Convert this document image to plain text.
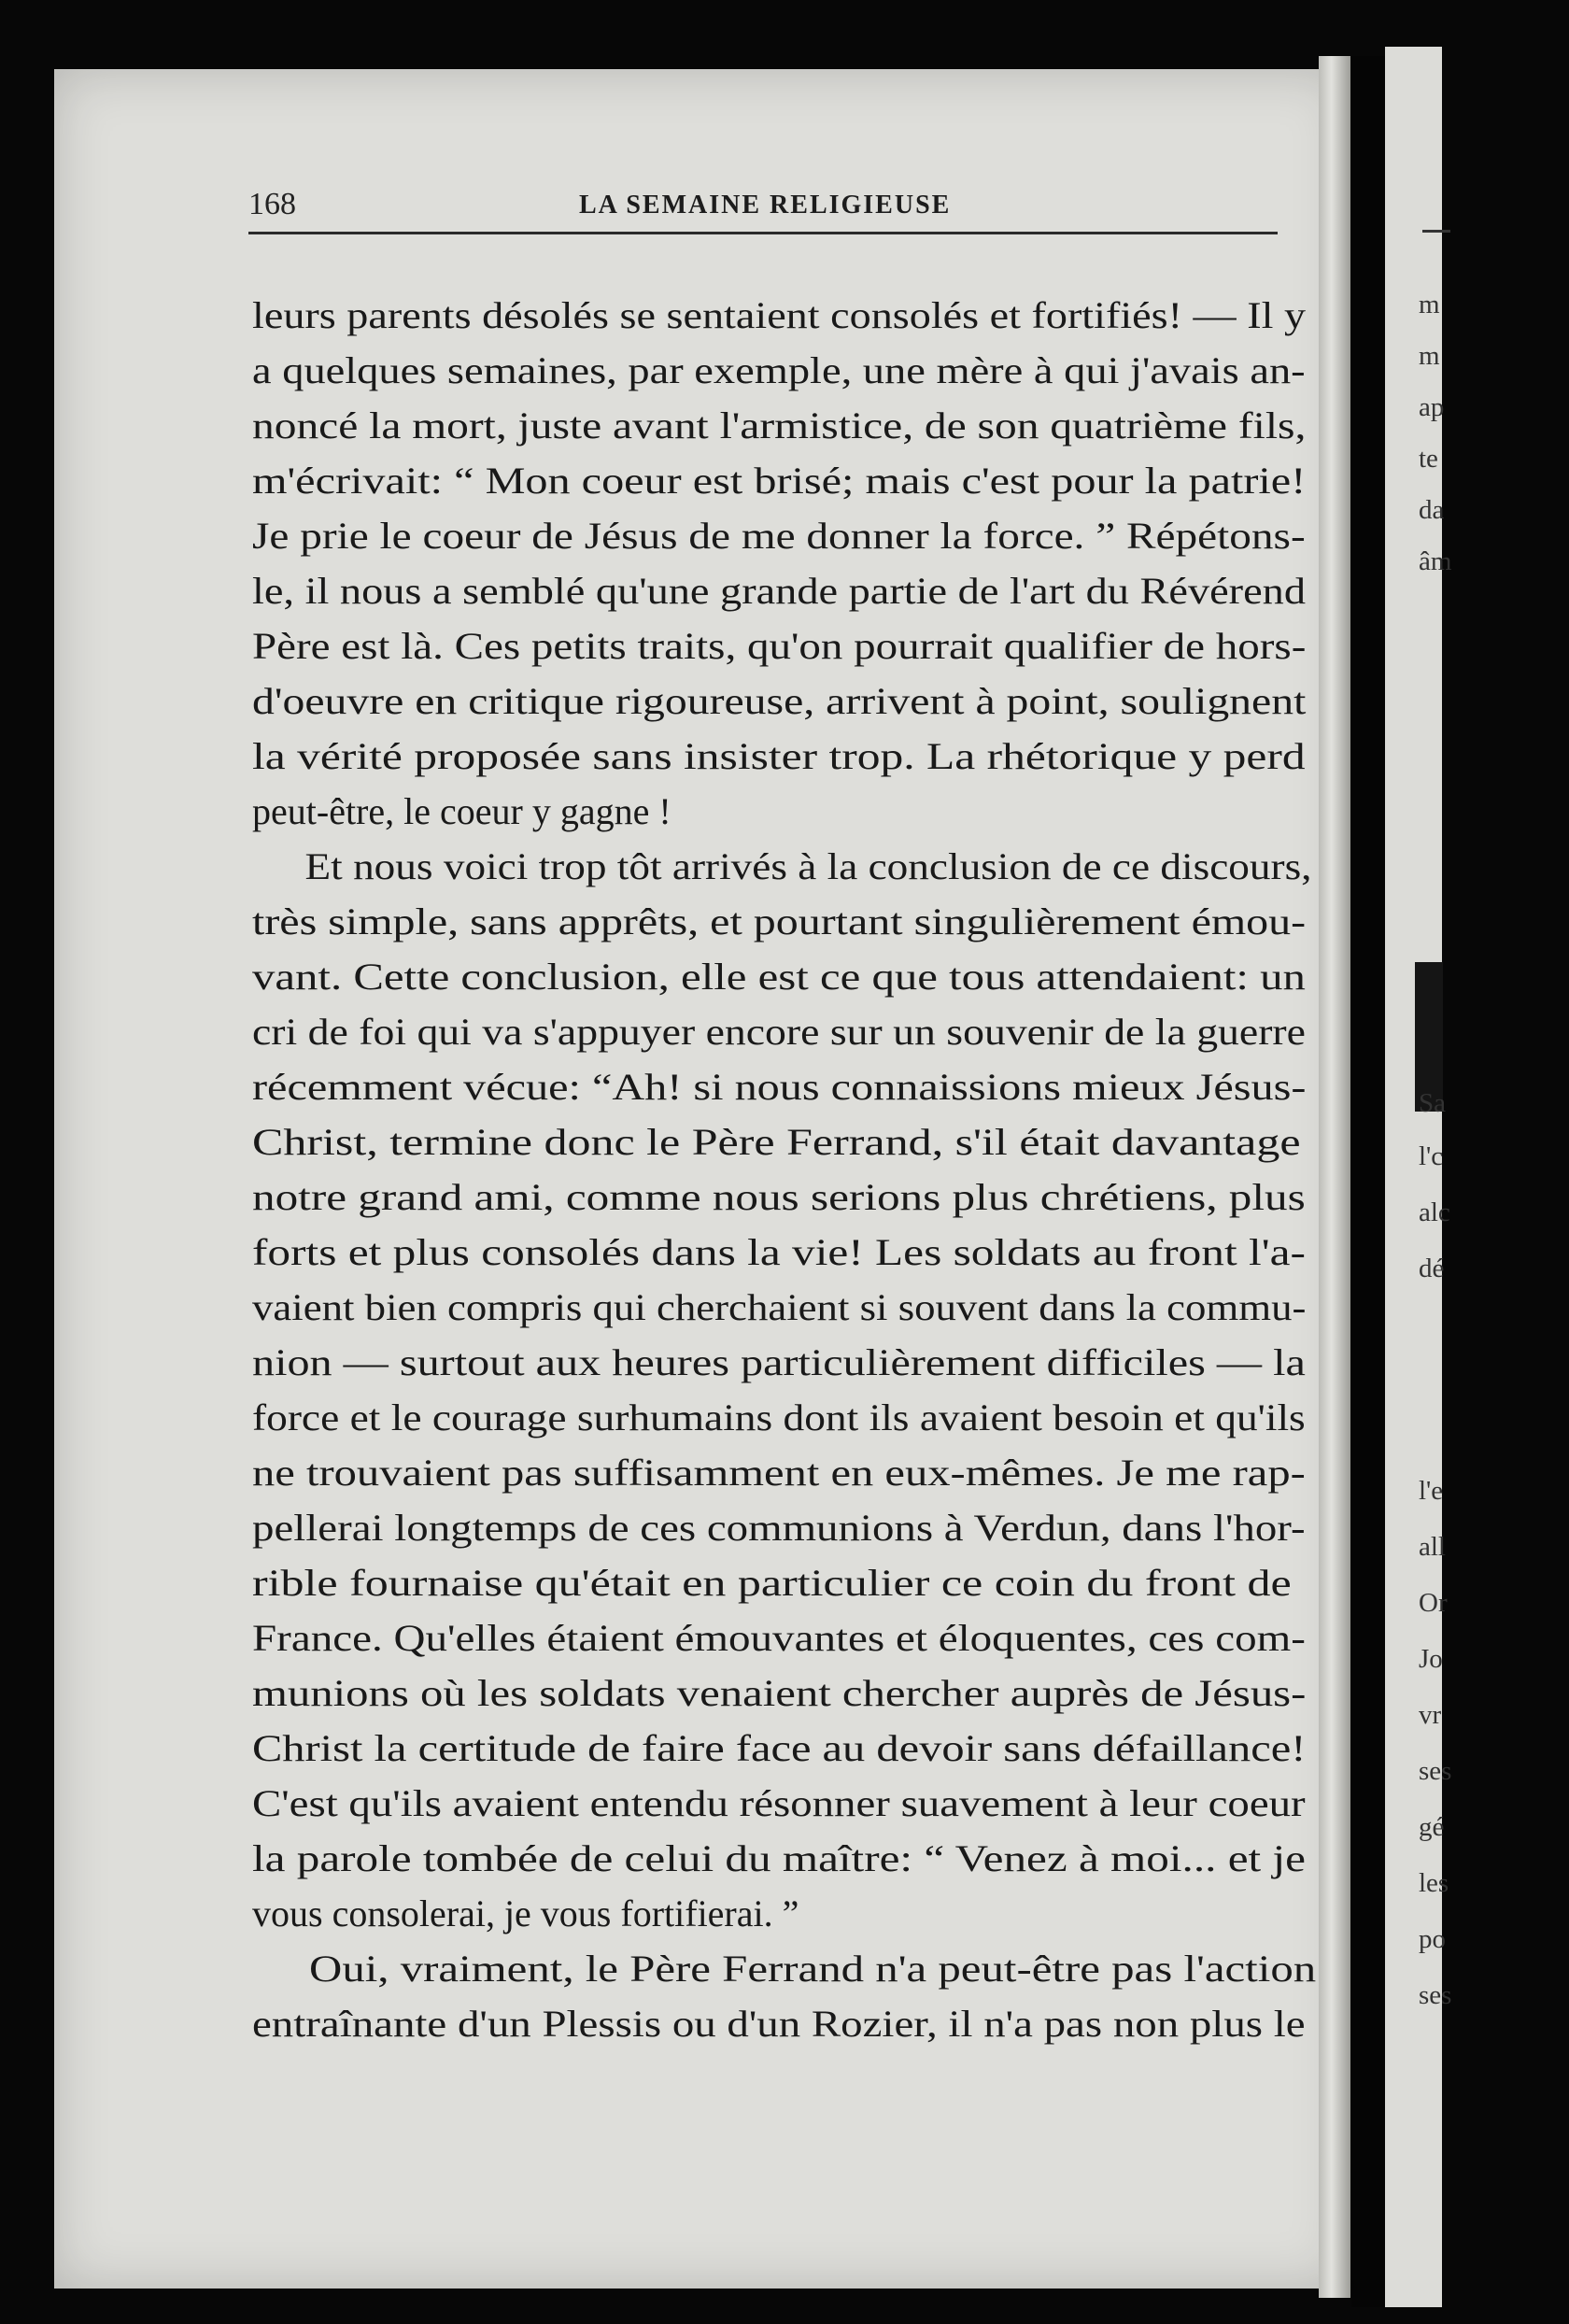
m
m
ap
te
da
âm
Sa
l'c
alc
dé
l'e
all
Or
Jo
vr
ses
gé
les
po
ses
168	LA SEMAINE RELIGIEUSE
leurs parents désolés se sentaient consolés et fortifiés! — Il y
a quelques semaines, par exemple, une mère à qui j'avais an-
noncé la mort, juste avant l'armistice, de son quatrième fils,
m'écrivait: “ Mon coeur est brisé; mais c'est pour la patrie!
Je prie le coeur de Jésus de me donner la force. ” Répétons-
le, il nous a semblé qu'une grande partie de l'art du Révérend
Père est là. Ces petits traits, qu'on pourrait qualifier de hors-
d'oeuvre en critique rigoureuse, arrivent à point, soulignent
la vérité proposée sans insister trop. La rhétorique y perd
peut-être, le coeur y gagne !
Et nous voici trop tôt arrivés à la conclusion de ce discours,
très simple, sans apprêts, et pourtant singulièrement émou-
vant. Cette conclusion, elle est ce que tous attendaient: un
cri de foi qui va s'appuyer encore sur un souvenir de la guerre
récemment vécue: “Ah! si nous connaissions mieux Jésus-
Christ, termine donc le Père Ferrand, s'il était davantage
notre grand ami, comme nous serions plus chrétiens, plus
forts et plus consolés dans la vie! Les soldats au front l'a-
vaient bien compris qui cherchaient si souvent dans la commu-
nion — surtout aux heures particulièrement difficiles — la
force et le courage surhumains dont ils avaient besoin et qu'ils
ne trouvaient pas suffisamment en eux-mêmes. Je me rap-
pellerai longtemps de ces communions à Verdun, dans l'hor-
rible fournaise qu'était en particulier ce coin du front de
France. Qu'elles étaient émouvantes et éloquentes, ces com-
munions où les soldats venaient chercher auprès de Jésus-
Christ la certitude de faire face au devoir sans défaillance!
C'est qu'ils avaient entendu résonner suavement à leur coeur
la parole tombée de celui du maître: “ Venez à moi... et je
vous consolerai, je vous fortifierai. ”
Oui, vraiment, le Père Ferrand n'a peut-être pas l'action
entraînante d'un Plessis ou d'un Rozier, il n'a pas non plus le
